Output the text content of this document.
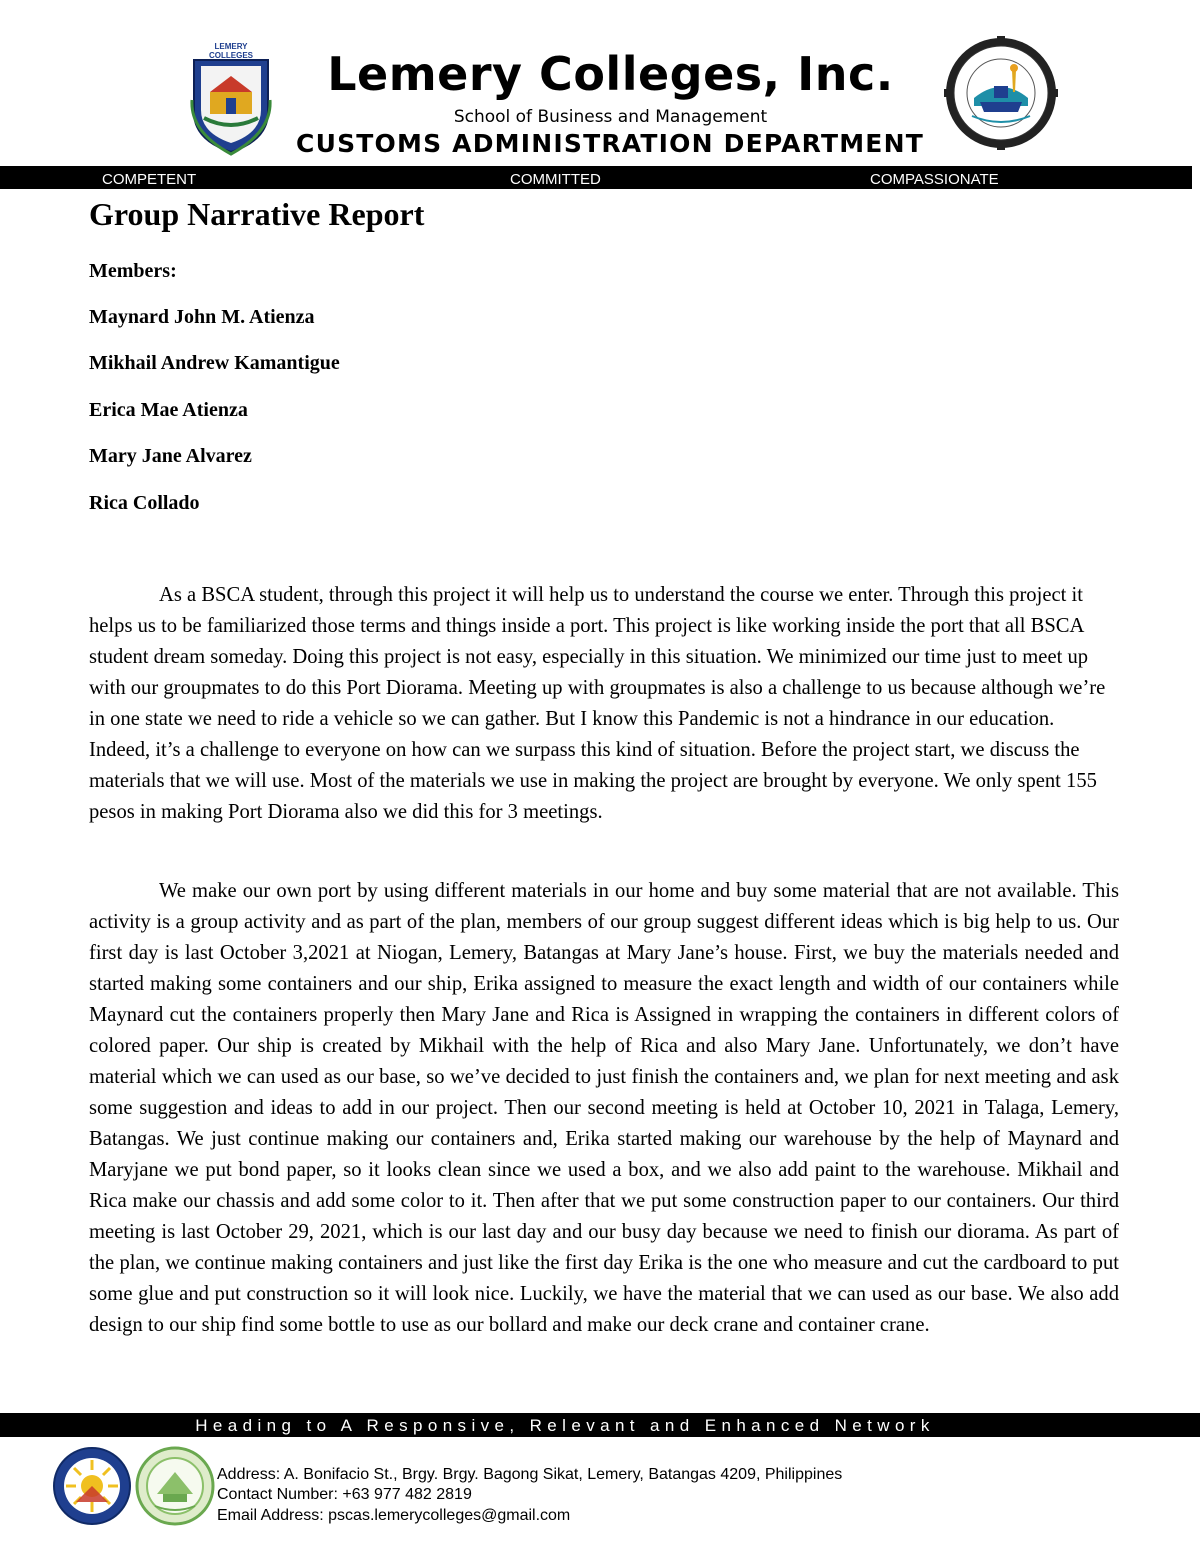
LEMERY
COLLEGES	Lemery Colleges, Inc.
School of Business and Management
CUSTOMS ADMINISTRATION DEPARTMENT
COMPETENT	COMMITTED	COMPASSIONATE
Group Narrative Report
Members:
Maynard John M. Atienza
Mikhail Andrew Kamantigue
Erica Mae Atienza
Mary Jane Alvarez
Rica Collado

As a BSCA student, through this project it will help us to understand the course we enter. Through this project it helps us to be familiarized those terms and things inside a port. This project is like working inside the port that all BSCA student dream someday. Doing this project is not easy, especially in this situation. We minimized our time just to meet up with our groupmates to do this Port Diorama. Meeting up with groupmates is also a challenge to us because although we’re in one state we need to ride a vehicle so we can gather. But I know this Pandemic is not a hindrance in our education. Indeed, it’s a challenge to everyone on how can we surpass this kind of situation. Before the project start, we discuss the materials that we will use. Most of the materials we use in making the project are brought by everyone. We only spent 155 pesos in making Port Diorama also we did this for 3 meetings.

We make our own port by using different materials in our home and buy some material that are not available. This activity is a group activity and as part of the plan, members of our group suggest different ideas which is big help to us. Our first day is last October 3,2021 at Niogan, Lemery, Batangas at Mary Jane’s house. First, we buy the materials needed and started making some containers and our ship, Erika assigned to measure the exact length and width of our containers while Maynard cut the containers properly then Mary Jane and Rica is Assigned in wrapping the containers in different colors of colored paper. Our ship is created by Mikhail with the help of Rica and also Mary Jane. Unfortunately, we don’t have material which we can used as our base, so we’ve decided to just finish the containers and, we plan for next meeting and ask some suggestion and ideas to add in our project. Then our second meeting is held at October 10, 2021 in Talaga, Lemery, Batangas. We just continue making our containers and, Erika started making our warehouse by the help of Maynard and Maryjane we put bond paper, so it looks clean since we used a box, and we also add paint to the warehouse. Mikhail and Rica make our chassis and add some color to it. Then after that we put some construction paper to our containers. Our third meeting is last October 29, 2021, which is our last day and our busy day because we need to finish our diorama. As part of the plan, we continue making containers and just like the first day Erika is the one who measure and cut the cardboard to put some glue and put construction so it will look nice. Luckily, we have the material that we can used as our base. We also add design to our ship find some bottle to use as our bollard and make our deck crane and container crane.

Heading to A Responsive, Relevant and Enhanced Network
Address: A. Bonifacio St., Brgy. Brgy. Bagong Sikat, Lemery, Batangas 4209, Philippines
Contact Number: +63 977 482 2819
Email Address: pscas.lemerycolleges@gmail.com
